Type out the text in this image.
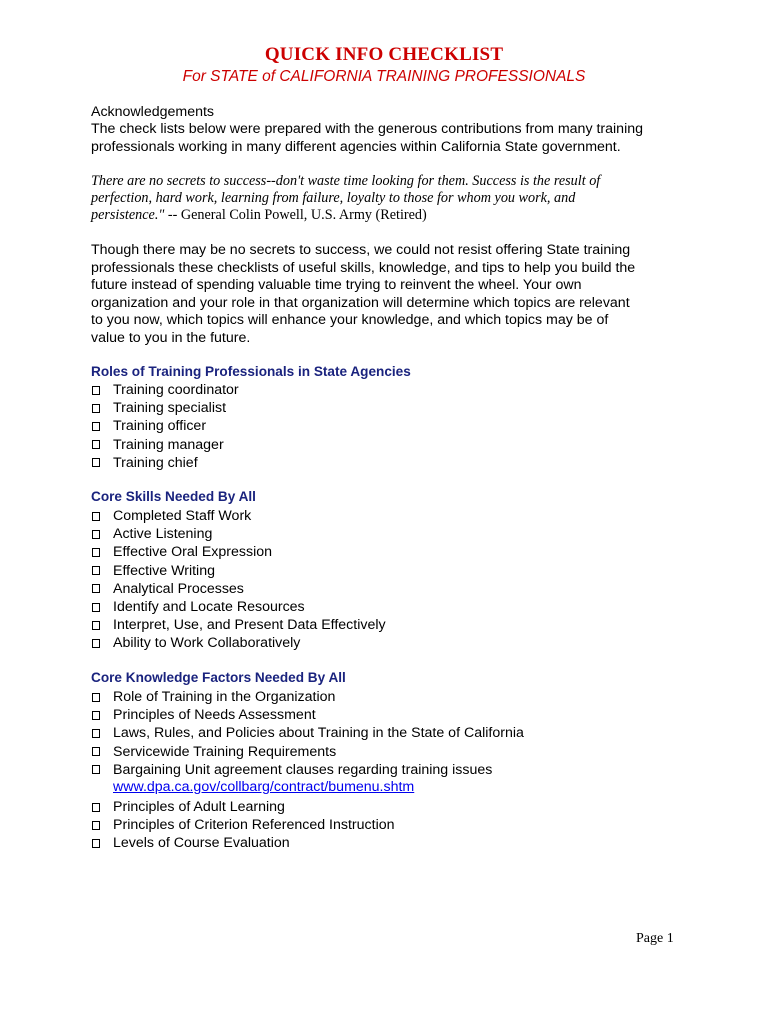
QUICK INFO CHECKLIST
For STATE of CALIFORNIA TRAINING PROFESSIONALS
Acknowledgements
The check lists below were prepared with the generous contributions from many training
professionals working in many different agencies within California State government.
There are no secrets to success--don't waste time looking for them. Success is the result of
perfection, hard work, learning from failure, loyalty to those for whom you work, and
persistence." -- General Colin Powell, U.S. Army (Retired)
Though there may be no secrets to success, we could not resist offering State training
professionals these checklists of useful skills, knowledge, and tips to help you build the
future instead of spending valuable time trying to reinvent the wheel. Your own
organization and your role in that organization will determine which topics are relevant
to you now, which topics will enhance your knowledge, and which topics may be of
value to you in the future.
Roles of Training Professionals in State Agencies
Training coordinator
Training specialist
Training officer
Training manager
Training chief
Core Skills Needed By All
Completed Staff Work
Active Listening
Effective Oral Expression
Effective Writing
Analytical Processes
Identify and Locate Resources
Interpret, Use, and Present Data Effectively
Ability to Work Collaboratively
Core Knowledge Factors Needed By All
Role of Training in the Organization
Principles of Needs Assessment
Laws, Rules, and Policies about Training in the State of California
Servicewide Training Requirements
Bargaining Unit agreement clauses regarding training issues
www.dpa.ca.gov/collbarg/contract/bumenu.shtm
Principles of Adult Learning
Principles of Criterion Referenced Instruction
Levels of Course Evaluation
Page 1
